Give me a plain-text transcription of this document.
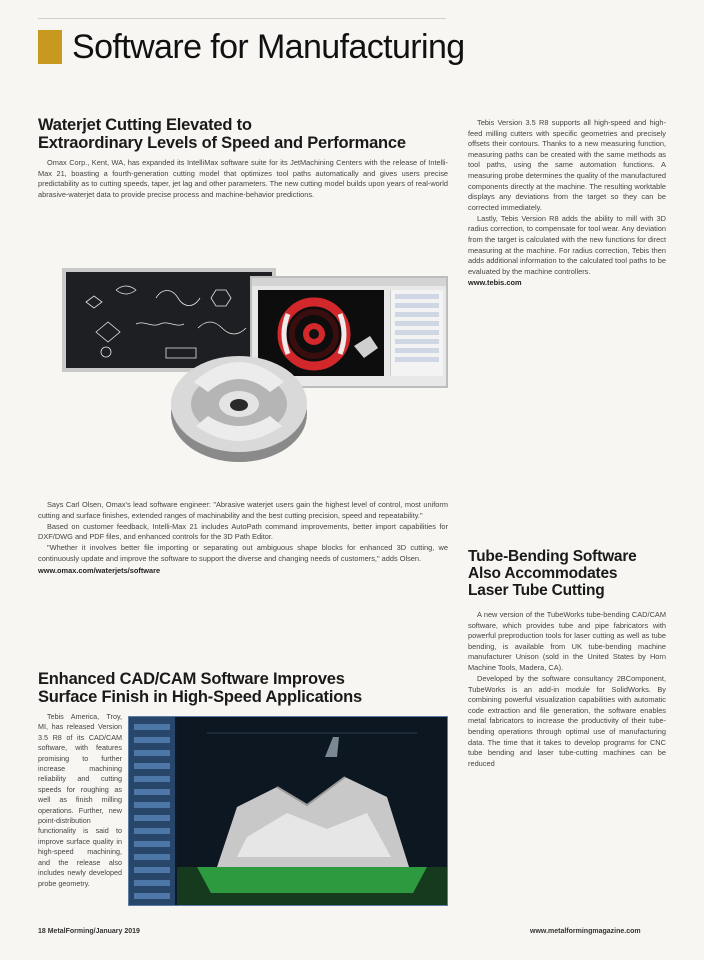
Software for Manufacturing
Waterjet Cutting Elevated to
Extraordinary Levels of Speed and Performance

Omax Corp., Kent, WA, has expanded its IntelliMax software suite for its JetMachining Centers with the release of Intelli-Max 21, boasting a fourth-generation cutting model that optimizes tool paths automatically and gives users precise predictability as to cutting speeds, taper, jet lag and other parameters. The new cutting model builds upon years of real-world abrasive-waterjet data to provide precise process and machine-behavior predictions.

Says Carl Olsen, Omax's lead software engineer: "Abrasive waterjet users gain the highest level of control, most uniform cutting and surface finishes, extended ranges of machinability and the best cutting precision, speed and repeatability."

Based on customer feedback, Intelli-Max 21 includes AutoPath command improvements, better import capabilities for DXF/DWG and PDF files, and enhanced controls for the 3D Path Editor.

"Whether it involves better file importing or separating out ambiguous shape blocks for enhanced 3D cutting, we continuously update and improve the software to support the diverse and changing needs of customers," adds Olsen.

www.omax.com/waterjets/software
Enhanced CAD/CAM Software Improves
Surface Finish in High-Speed Applications

Tebis America, Troy, MI, has released Version 3.5 R8 of its CAD/CAM software, with features promising to further increase machining reliability and cutting speeds for roughing as well as finish milling operations. Further, new point-distribution functionality is said to improve surface quality in high-speed machining, and the release also includes newly developed probe geometry.

Tebis Version 3.5 R8 supports all high-speed and high-feed milling cutters with specific geometries and precisely offsets their contours. Thanks to a new measuring function, measuring paths can be created with the same methods as tool paths, using the same automation functions. A measuring probe determines the quality of the manufactured components directly at the machine. The resulting worktable displays any deviations from the target so they can be corrected immediately.

Lastly, Tebis Version R8 adds the ability to mill with 3D radius correction, to compensate for tool wear. Any deviation from the target is calculated with the new functions for direct measuring at the machine. For radius correction, Tebis then adds additional information to the calculated tool paths to be evaluated by the machine controllers.

www.tebis.com
Tube-Bending Software
Also Accommodates
Laser Tube Cutting

A new version of the TubeWorks tube-bending CAD/CAM software, which provides tube and pipe fabricators with powerful preproduction tools for laser cutting as well as tube bending, is available from UK tube-bending machine manufacturer Unison (sold in the United States by Horn Machine Tools, Madera, CA).

Developed by the software consultancy 2BComponent, TubeWorks is an add-in module for SolidWorks. By combining powerful visualization capabilities with automatic code extraction and file generation, the software enables metal fabricators to increase the productivity of their tube-bending operations through optimal use of manufacturing data. The time that it takes to develop programs for CNC tube bending and laser tube-cutting machines can be reduced

18 MetalForming/January 2019	www.metalformingmagazine.com
